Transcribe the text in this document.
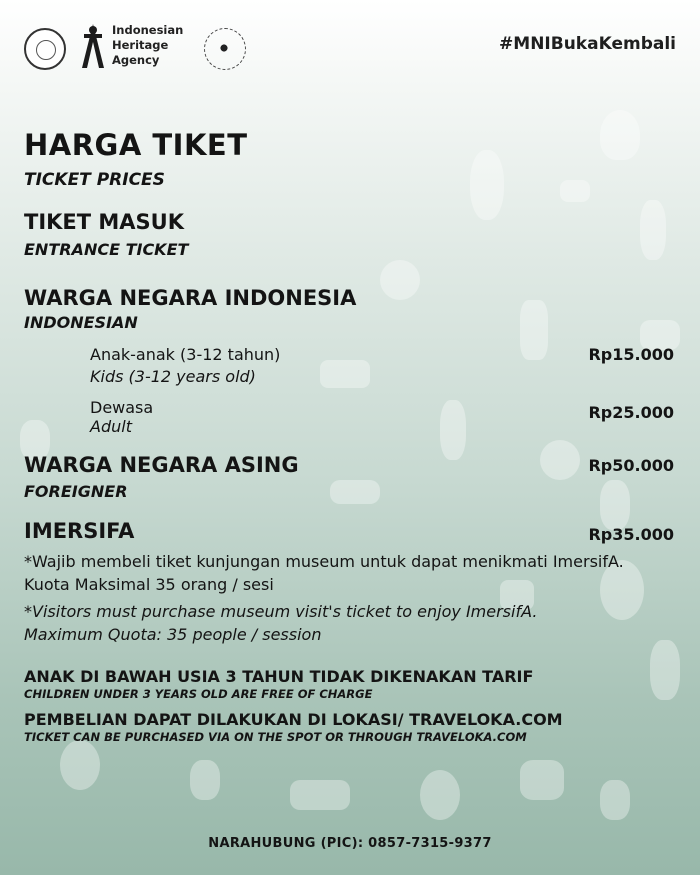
Indonesian
Heritage
Agency
#MNIBukaKembali
HARGA TIKET
TICKET PRICES
TIKET MASUK
ENTRANCE TICKET
WARGA NEGARA INDONESIA
INDONESIAN
Anak-anak (3-12 tahun)
Kids (3-12 years old)
Rp15.000
Dewasa
Adult
Rp25.000
WARGA NEGARA ASING
FOREIGNER
Rp50.000
IMERSIFA	Rp35.000
*Wajib membeli tiket kunjungan museum untuk dapat menikmati ImersifA.
Kuota Maksimal 35 orang / sesi
*Visitors must purchase museum visit's ticket to enjoy ImersifA.
Maximum Quota: 35 people / session
ANAK DI BAWAH USIA 3 TAHUN TIDAK DIKENAKAN TARIF
CHILDREN UNDER 3 YEARS OLD ARE FREE OF CHARGE
PEMBELIAN DAPAT DILAKUKAN DI LOKASI/ TRAVELOKA.COM
TICKET CAN BE PURCHASED VIA ON THE SPOT OR THROUGH TRAVELOKA.COM
NARAHUBUNG (PIC): 0857-7315-9377
